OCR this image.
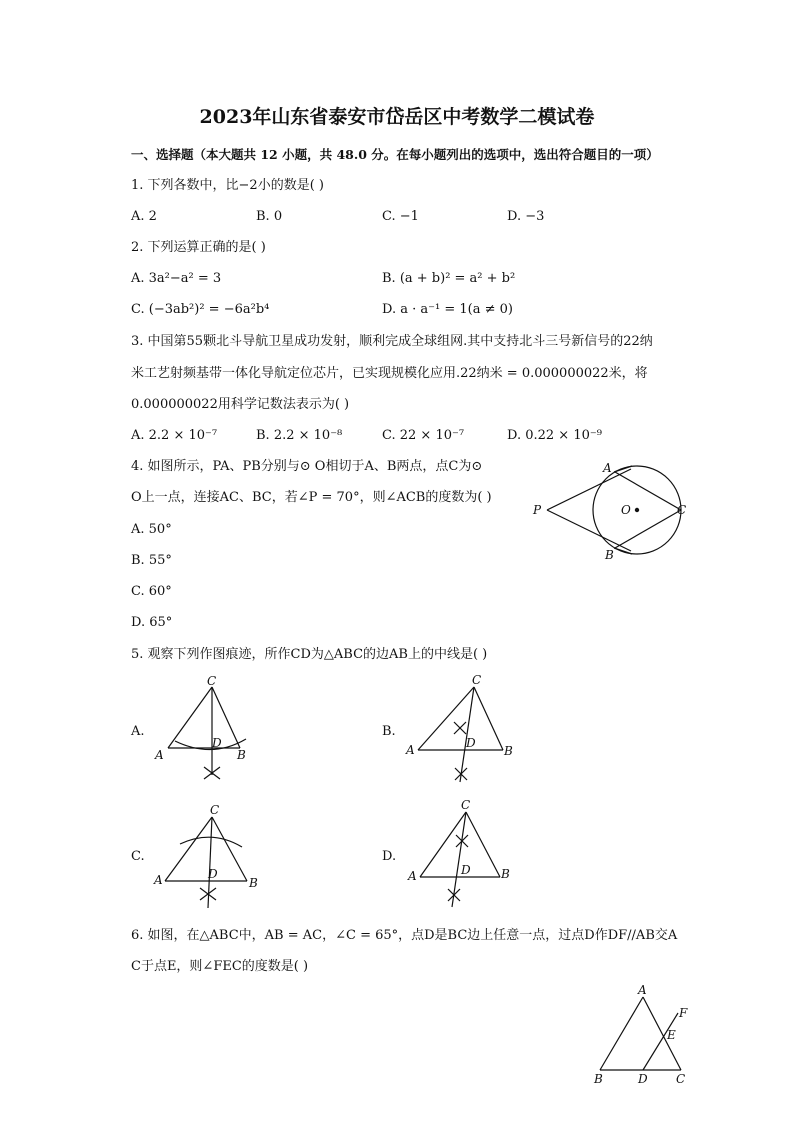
2023年山东省泰安市岱岳区中考数学二模试卷
一、选择题（本大题共 12 小题，共 48.0 分。在每小题列出的选项中，选出符合题目的一项）
1. 下列各数中，比−2小的数是( )
A. 2	B. 0	C. −1	D. −3
2. 下列运算正确的是( )
A. 3a²−a² = 3	B. (a + b)² = a² + b²
C. (−3ab²)² = −6a²b⁴	D. a · a⁻¹ = 1(a ≠ 0)
3. 中国第55颗北斗导航卫星成功发射，顺利完成全球组网.其中支持北斗三号新信号的22纳
米工艺射频基带一体化导航定位芯片，已实现规模化应用.22纳米 = 0.000000022米，将
0.000000022用科学记数法表示为( )
A. 2.2 × 10⁻⁷	B. 2.2 × 10⁻⁸	C. 22 × 10⁻⁷	D. 0.22 × 10⁻⁹
4. 如图所示，PA、PB分别与⊙ O相切于A、B两点，点C为⊙
O上一点，连接AC、BC，若∠P = 70°，则∠ACB的度数为( )
A. 50°
B. 55°
C. 60°
D. 65°
A
B
C
O
P
5. 观察下列作图痕迹，所作CD为△ABC的边AB上的中线是( )
A.	B.
C.	D.
C
A	B
D
C
A	B
D
C
A	B
D
C
A	B
D
6. 如图，在△ABC中，AB = AC，∠C = 65°，点D是BC边上任意一点，过点D作DF//AB交A
C于点E，则∠FEC的度数是( )
A
B	C
D
E
F
